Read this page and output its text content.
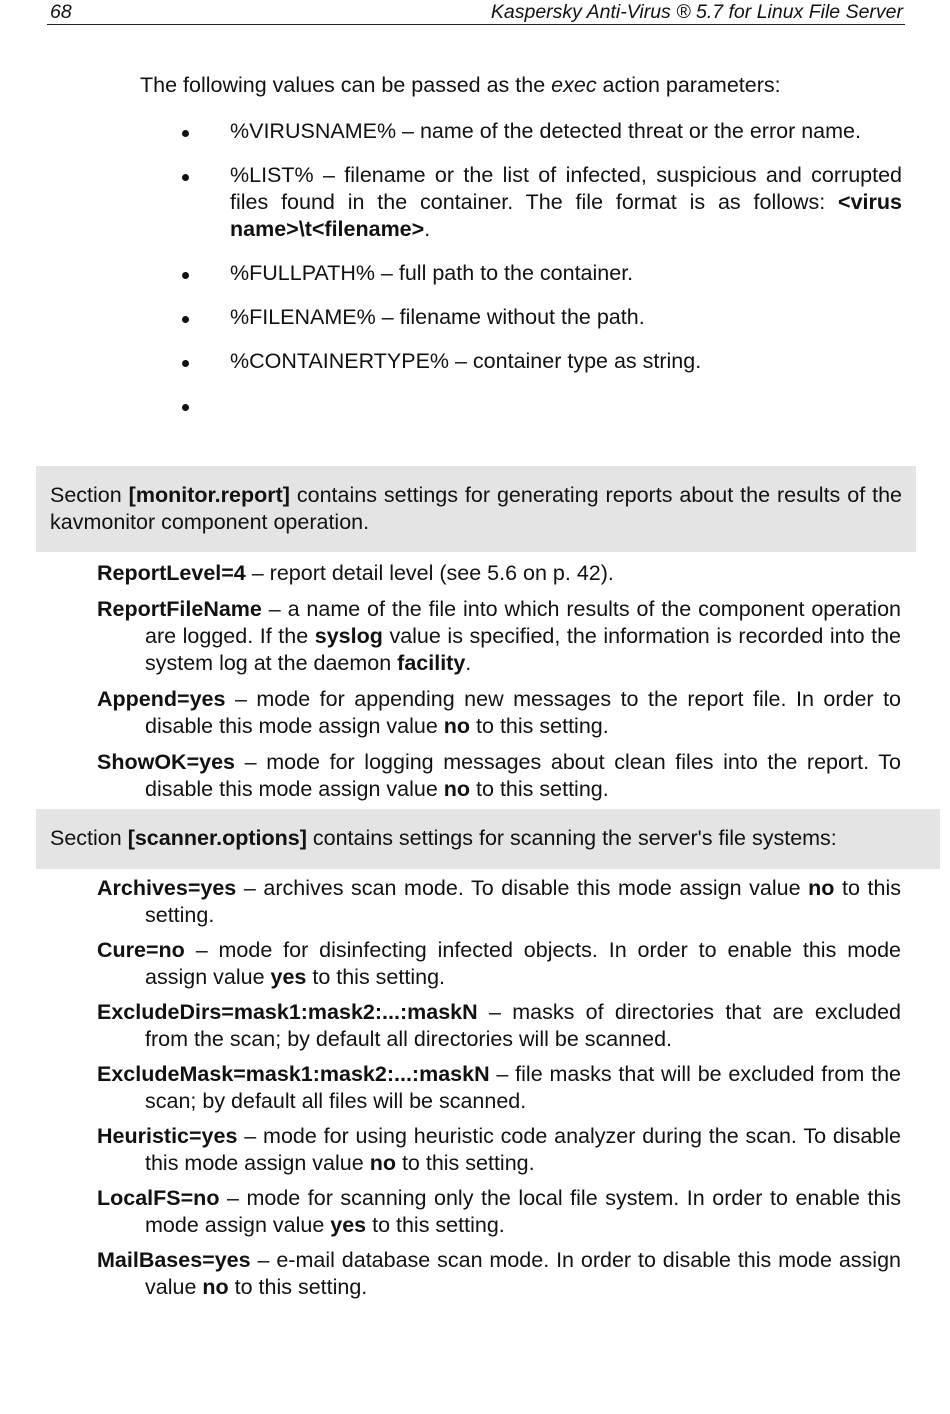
68	Kaspersky Anti-Virus ® 5.7 for Linux File Server
The following values can be passed as the exec action parameters:
%VIRUSNAME% – name of the detected threat or the error name.
%LIST% – filename or the list of infected, suspicious and corrupted files found in the container. The file format is as follows: <virus name>\t<filename>.
%FULLPATH% – full path to the container.
%FILENAME% – filename without the path.
%CONTAINERTYPE% – container type as string.
Section [monitor.report] contains settings for generating reports about the results of the kavmonitor component operation.
ReportLevel=4 – report detail level (see 5.6 on p. 42).
ReportFileName – a name of the file into which results of the component operation are logged. If the syslog value is specified, the information is recorded into the system log at the daemon facility.
Append=yes – mode for appending new messages to the report file. In order to disable this mode assign value no to this setting.
ShowOK=yes – mode for logging messages about clean files into the report. To disable this mode assign value no to this setting.
Section [scanner.options] contains settings for scanning the server's file systems:
Archives=yes – archives scan mode. To disable this mode assign value no to this setting.
Cure=no – mode for disinfecting infected objects. In order to enable this mode assign value yes to this setting.
ExcludeDirs=mask1:mask2:...:maskN – masks of directories that are excluded from the scan; by default all directories will be scanned.
ExcludeMask=mask1:mask2:...:maskN – file masks that will be excluded from the scan; by default all files will be scanned.
Heuristic=yes – mode for using heuristic code analyzer during the scan. To disable this mode assign value no to this setting.
LocalFS=no – mode for scanning only the local file system. In order to enable this mode assign value yes to this setting.
MailBases=yes – e-mail database scan mode. In order to disable this mode assign value no to this setting.
